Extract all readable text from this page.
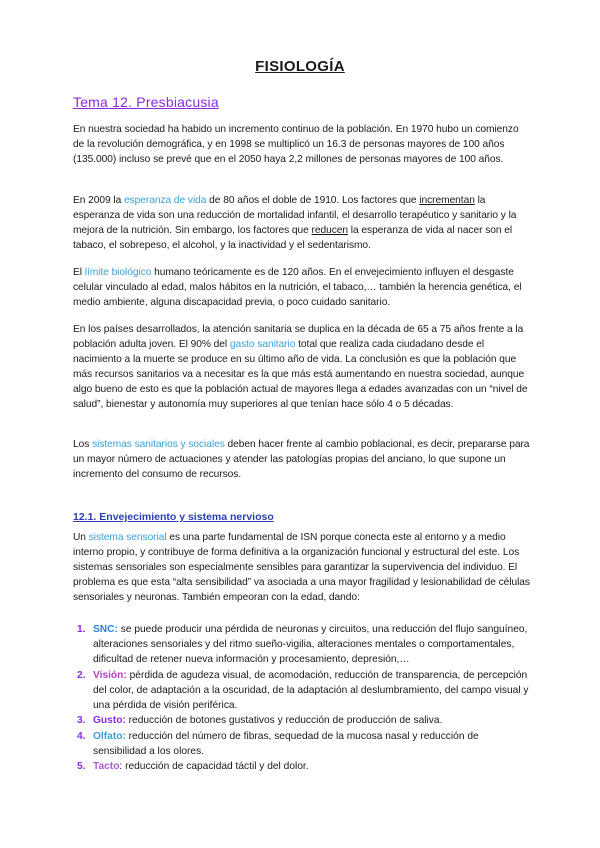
FISIOLOGÍA
Tema 12. Presbiacusia

En nuestra sociedad ha habido un incremento continuo de la población. En 1970 hubo un comienzo de la revolución demográfica, y en 1998 se multiplicó un 16.3 de personas mayores de 100 años (135.000) incluso se prevé que en el 2050 haya 2,2 millones de personas mayores de 100 años.

En 2009 la esperanza de vida de 80 años el doble de 1910. Los factores que incrementan la esperanza de vida son una reducción de mortalidad infantil, el desarrollo terapéutico y sanitario y la mejora de la nutrición. Sin embargo, los factores que reducen la esperanza de vida al nacer son el tabaco, el sobrepeso, el alcohol, y la inactividad y el sedentarismo.

El límite biológico humano teóricamente es de 120 años. En el envejecimiento influyen el desgaste celular vinculado al edad, malos hábitos en la nutrición, el tabaco,… también la herencia genética, el medio ambiente, alguna discapacidad previa, o poco cuidado sanitario.

En los países desarrollados, la atención sanitaria se duplica en la década de 65 a 75 años frente a la población adulta joven. El 90% del gasto sanitario total que realiza cada ciudadano desde el nacimiento a la muerte se produce en su último año de vida. La conclusión es que la población que más recursos sanitarios va a necesitar es la que más está aumentando en nuestra sociedad, aunque algo bueno de esto es que la población actual de mayores llega a edades avanzadas con un “nivel de salud”, bienestar y autonomía muy superiores al que tenían hace sólo 4 o 5 décadas.

Los sistemas sanitarios y sociales deben hacer frente al cambio poblacional, es decir, prepararse para un mayor número de actuaciones y atender las patologías propias del anciano, lo que supone un incremento del consumo de recursos.

12.1. Envejecimiento y sistema nervioso

Un sistema sensorial es una parte fundamental de ISN porque conecta este al entorno y a medio interno propio, y contribuye de forma definitiva a la organización funcional y estructural del este. Los sistemas sensoriales son especialmente sensibles para garantizar la supervivencia del individuo. El problema es que esta “alta sensibilidad” va asociada a una mayor fragilidad y lesionabilidad de células sensoriales y neuronas. También empeoran con la edad, dando:

1. SNC: se puede producir una pérdida de neuronas y circuitos, una reducción del flujo sanguíneo, alteraciones sensoriales y del ritmo sueño-vigilia, alteraciones mentales o comportamentales, dificultad de retener nueva información y procesamiento, depresión,…
2. Visión: pérdida de agudeza visual, de acomodación, reducción de transparencia, de percepción del color, de adaptación a la oscuridad, de la adaptación al deslumbramiento, del campo visual y una pérdida de visión periférica.
3. Gusto: reducción de botones gustativos y reducción de producción de saliva.
4. Olfato: reducción del número de fibras, sequedad de la mucosa nasal y reducción de sensibilidad a los olores.
5. Tacto: reducción de capacidad táctil y del dolor.
